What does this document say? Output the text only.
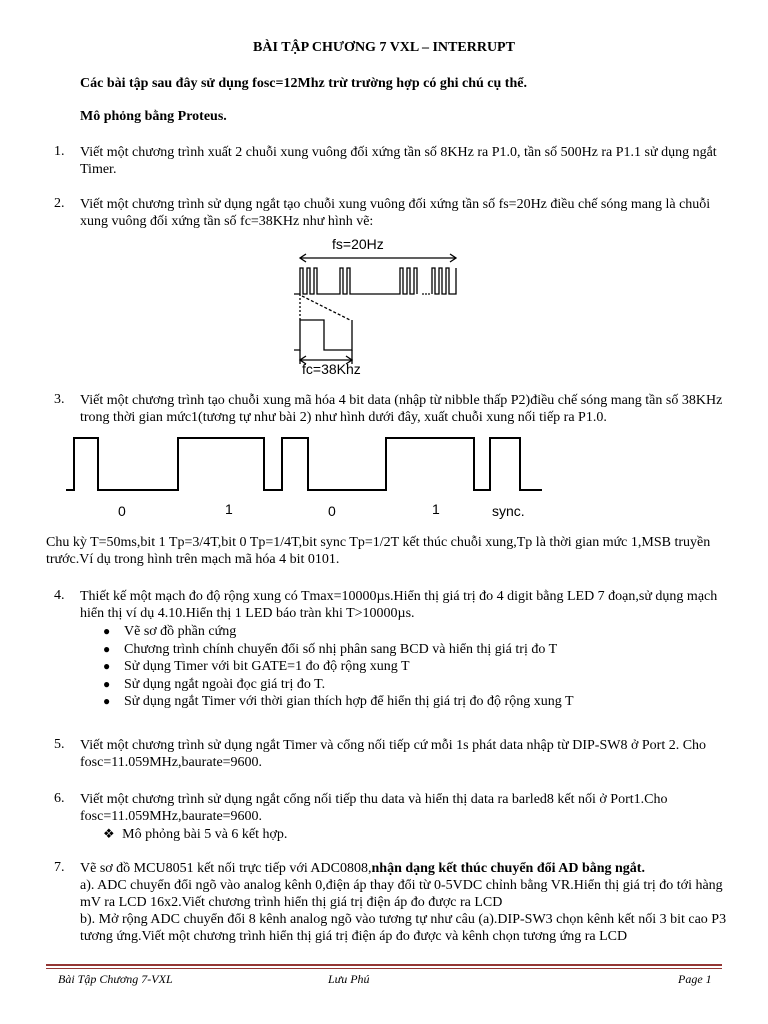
BÀI TẬP CHƯƠNG 7 VXL – INTERRUPT
Các bài tập sau đây sử dụng fosc=12Mhz trừ trường hợp có ghi chú cụ thể.
Mô phỏng bằng Proteus.
1. Viết một chương trình xuất 2 chuỗi xung vuông đối xứng tần số 8KHz ra P1.0, tần số 500Hz ra P1.1 sử dụng ngắt Timer.
2. Viết một chương trình sử dụng ngắt tạo chuỗi xung vuông đối xứng tần số fs=20Hz điều chế sóng mang là chuỗi xung vuông đối xứng tần số fc=38KHz như hình vẽ:
fs=20Hz
fc=38Khz
3. Viết một chương trình tạo chuỗi xung mã hóa 4 bit data (nhập từ nibble thấp P2)điều chế sóng mang tần số 38KHz trong thời gian mức1(tương tự như bài 2) như hình dưới đây, xuất chuỗi xung nối tiếp ra P1.0.
0	1	0	1	sync.
Chu kỳ T=50ms,bit 1 Tp=3/4T,bit 0 Tp=1/4T,bit sync Tp=1/2T kết thúc chuỗi xung,Tp là thời gian mức 1,MSB truyền trước.Ví dụ trong hình trên mạch mã hóa 4 bit 0101.
4. Thiết kế một mạch đo độ rộng xung có Tmax=10000µs.Hiển thị giá trị đo 4 digit bằng LED 7 đoạn,sử dụng mạch hiển thị ví dụ 4.10.Hiển thị 1 LED báo tràn khi T>10000µs.
● Vẽ sơ đồ phần cứng
● Chương trình chính chuyển đổi số nhị phân sang BCD và hiển thị giá trị đo T
● Sử dụng Timer với bit GATE=1 đo độ rộng xung T
● Sử dụng ngắt ngoài đọc giá trị đo T.
● Sử dụng ngắt Timer với thời gian thích hợp để hiển thị giá trị đo độ rộng xung T
5. Viết một chương trình sử dụng ngắt Timer và cổng nối tiếp cứ mỗi 1s phát data nhập từ DIP-SW8 ở Port 2. Cho fosc=11.059MHz,baurate=9600.
6. Viết một chương trình sử dụng ngắt cổng nối tiếp thu data và hiển thị data ra barled8 kết nối ở Port1.Cho fosc=11.059MHz,baurate=9600.
❖ Mô phỏng bài 5 và 6 kết hợp.
7. Vẽ sơ đồ MCU8051 kết nối trực tiếp với ADC0808,nhận dạng kết thúc chuyển đổi AD bằng ngắt.
a). ADC chuyển đổi ngõ vào analog kênh 0,điện áp thay đổi từ 0-5VDC chỉnh bằng VR.Hiển thị giá trị đo tới hàng mV ra LCD 16x2.Viết chương trình hiển thị giá trị điện áp đo được ra LCD
b). Mở rộng ADC chuyển đổi 8 kênh analog ngõ vào tương tự như câu (a).DIP-SW3 chọn kênh kết nối 3 bit cao P3 tương ứng.Viết một chương trình hiển thị giá trị điện áp đo được và kênh chọn tương ứng ra LCD
Bài Tập Chương 7-VXL	Lưu Phú	Page 1
